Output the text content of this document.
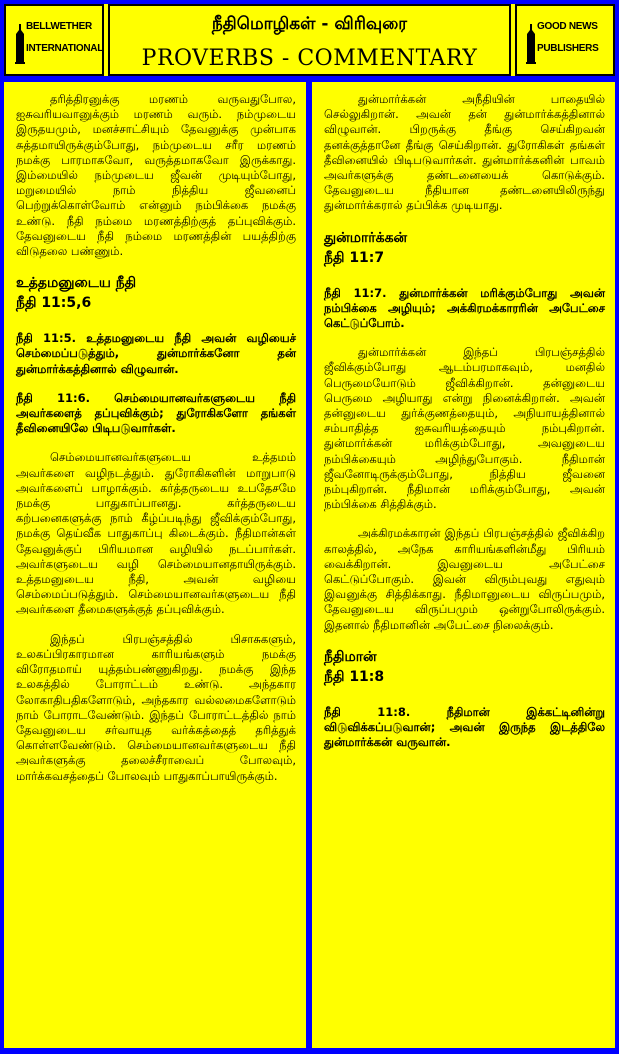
BELLWETHER
INTERNATIONAL
நீதிமொழிகள் - விரிவுரை
PROVERBS - COMMENTARY
GOOD NEWS
PUBLISHERS

தரித்திரனுக்கு மரணம் வருவதுபோல, ஐசுவரியவானுக்கும் மரணம் வரும். நம்முடைய இருதயமும், மனச்சாட்சியும் தேவனுக்கு முன்பாக சுத்தமாயிருக்கும்போது, நம்முடைய சரீர மரணம் நமக்கு பாரமாகவோ, வருத்தமாகவோ இருக்காது. இம்மையில் நம்முடைய ஜீவன் முடியும்போது, மறுமையில் நாம் நித்திய ஜீவனைப் பெற்றுக்கொள்வோம் என்னும் நம்பிக்கை நமக்கு உண்டு. நீதி நம்மை மரணத்திற்குத் தப்புவிக்கும். தேவனுடைய நீதி நம்மை மரணத்தின் பயத்திற்கு விடுதலை பண்ணும்.

உத்தமனுடைய நீதி
நீதி 11:5,6

நீதி 11:5. உத்தமனுடைய நீதி அவன் வழியைச் செம்மைப்படுத்தும், துன்மார்க்கனோ தன் துன்மார்க்கத்தினால் விழுவான்.

நீதி 11:6. செம்மையானவர்களுடைய நீதி அவர்களைத் தப்புவிக்கும்; துரோகிகளோ தங்கள் தீவினையிலே பிடிபடுவார்கள்.

செம்மையானவர்களுடைய உத்தமம் அவர்களை வழிநடத்தும். துரோகிகளின் மாறுபாடு அவர்களைப் பாழாக்கும். கர்த்தருடைய உபதேசமே நமக்கு பாதுகாப்பானது. கர்த்தருடைய கற்பனைகளுக்கு நாம் கீழ்ப்படிந்து ஜீவிக்கும்போது, நமக்கு தெய்வீக பாதுகாப்பு கிடைக்கும். நீதிமான்கள் தேவனுக்குப் பிரியமான வழியில் நடப்பார்கள். அவர்களுடைய வழி செம்மையானதாயிருக்கும். உத்தமனுடைய நீதி, அவன் வழியை செம்மைப்படுத்தும். செம்மையானவர்களுடைய நீதி அவர்களை தீமைகளுக்குத் தப்புவிக்கும்.

இந்தப் பிரபஞ்சத்தில் பிசாசுகளும், உலகப்பிரகாரமான காரியங்களும் நமக்கு விரோதமாய் யுத்தம்பண்ணுகிறது. நமக்கு இந்த உலகத்தில் போராட்டம் உண்டு. அந்தகார லோகாதிபதிகளோடும், அந்தகார வல்லமைகளோடும் நாம் போராடவேண்டும். இந்தப் போராட்டத்தில் நாம் தேவனுடைய சர்வாயுத வர்க்கத்தைத் தரித்துக் கொள்ளவேண்டும். செம்மையானவர்களுடைய நீதி அவர்களுக்கு தலைச்சீராவைப் போலவும், மார்க்கவசத்தைப் போலவும் பாதுகாப்பாயிருக்கும்.

துன்மார்க்கன் அநீதியின் பாதையில் செல்லுகிறான். அவன் தன் துன்மார்க்கத்தினால் விழுவான். பிறருக்கு தீங்கு செய்கிறவன் தனக்குத்தானே தீங்கு செய்கிறான். துரோகிகள் தங்கள் தீவினையில் பிடிபடுவார்கள். துன்மார்க்கனின் பாவம் அவர்களுக்கு தண்டனையைக் கொடுக்கும். தேவனுடைய நீதியான தண்டனையிலிருந்து துன்மார்க்கரால் தப்பிக்க முடியாது.

துன்மார்க்கன்
நீதி 11:7

நீதி 11:7. துன்மார்க்கன் மரிக்கும்போது அவன் நம்பிக்கை அழியும்; அக்கிரமக்காரரின் அபேட்சை கெட்டுப்போம்.

துன்மார்க்கன் இந்தப் பிரபஞ்சத்தில் ஜீவிக்கும்போது ஆடம்பரமாகவும், மனதில் பெருமையோடும் ஜீவிக்கிறான். தன்னுடைய பெருமை அழியாது என்று நினைக்கிறான். அவன் தன்னுடைய துர்க்குணத்தையும், அநியாயத்தினால் சம்பாதித்த ஐசுவரியத்தையும் நம்புகிறான். துன்மார்க்கன் மரிக்கும்போது, அவனுடைய நம்பிக்கையும் அழிந்துபோகும். நீதிமான் ஜீவனோடிருக்கும்போது, நித்திய ஜீவனை நம்புகிறான். நீதிமான் மரிக்கும்போது, அவன் நம்பிக்கை சித்திக்கும்.

அக்கிரமக்காரன் இந்தப் பிரபஞ்சத்தில் ஜீவிக்கிற காலத்தில், அநேக காரியங்களின்மீது பிரியம் வைக்கிறான். இவனுடைய அபேட்சை கெட்டுப்போகும். இவன் விரும்புவது எதுவும் இவனுக்கு சித்திக்காது. நீதிமானுடைய விருப்பமும், தேவனுடைய விருப்பமும் ஒன்றுபோலிருக்கும். இதனால் நீதிமானின் அபேட்சை நிலைக்கும்.

நீதிமான்
நீதி 11:8

நீதி 11:8. நீதிமான் இக்கட்டினின்று விடுவிக்கப்படுவான்; அவன் இருந்த இடத்திலே துன்மார்க்கன் வருவான்.
